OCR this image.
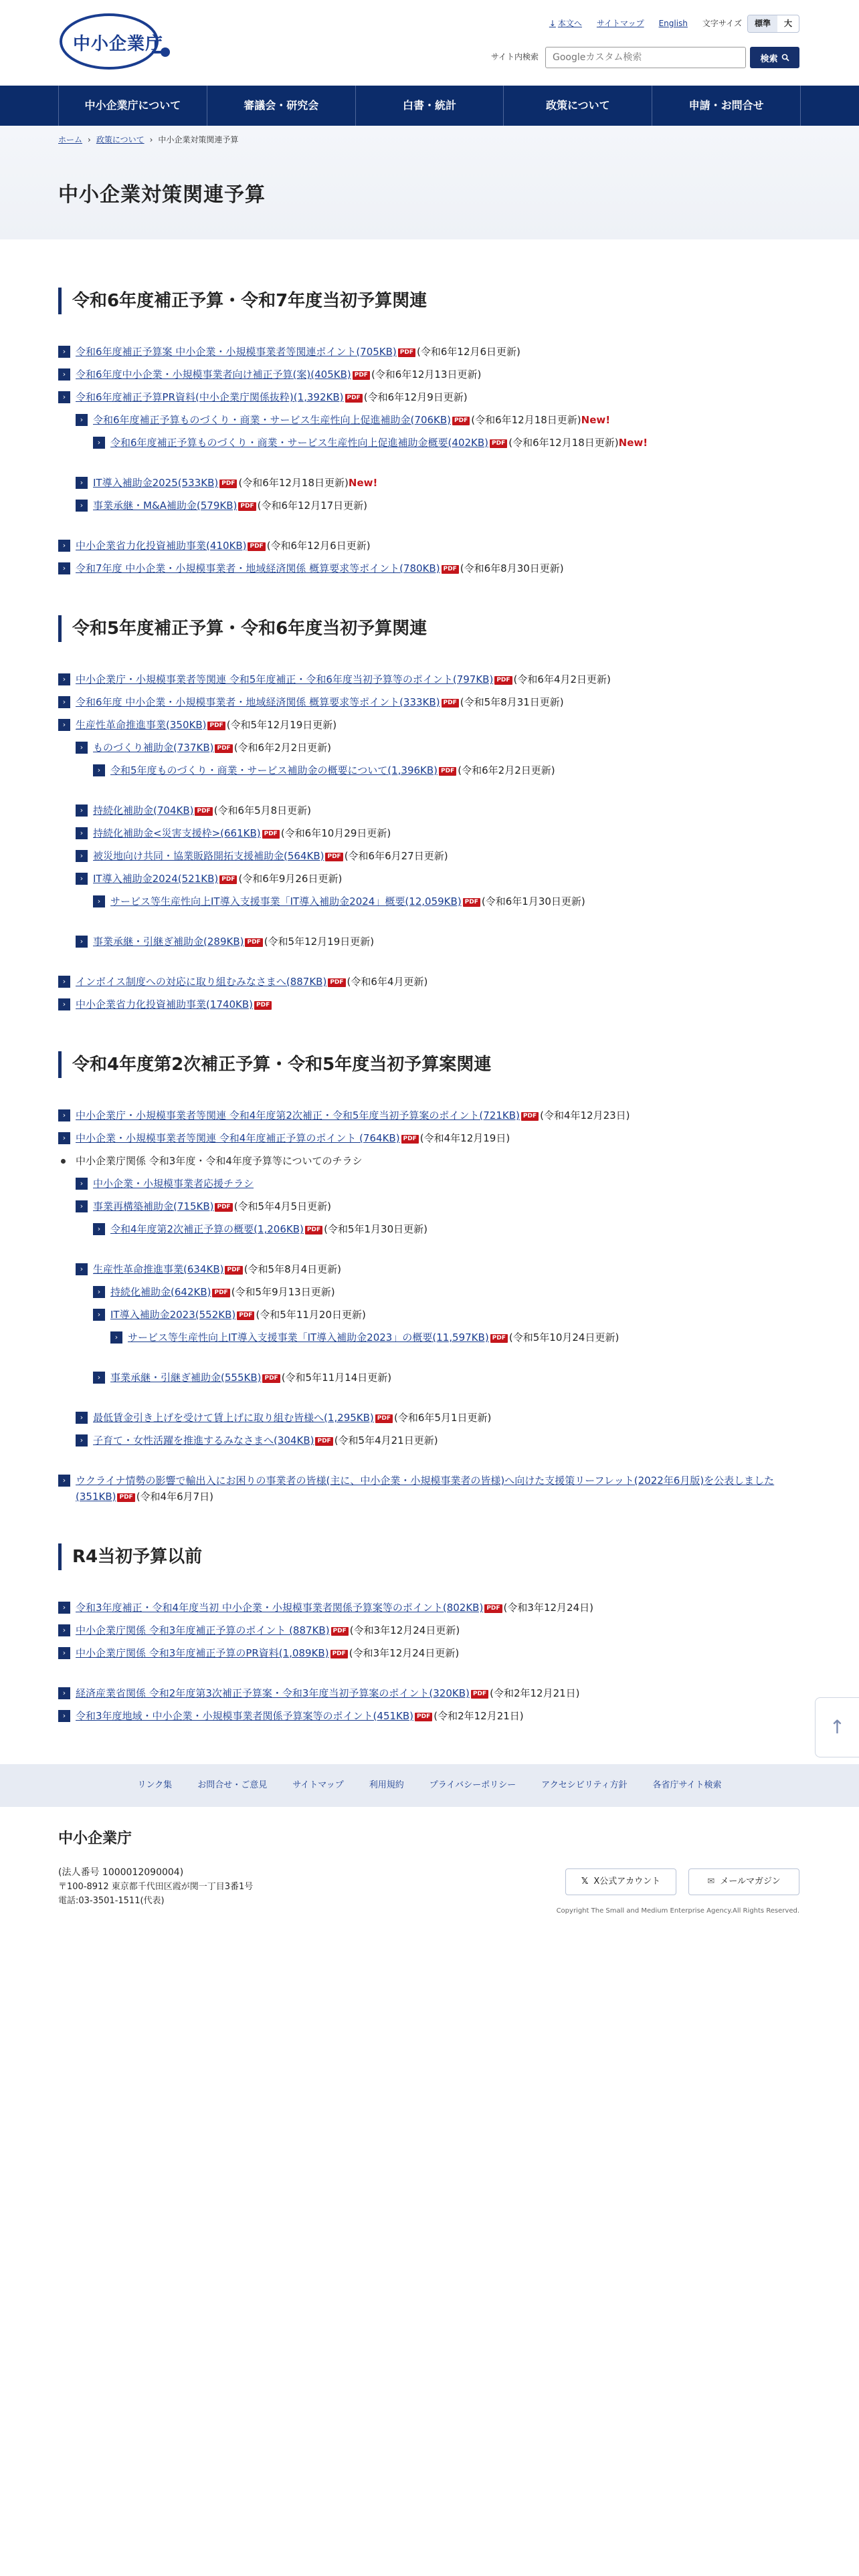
中小企業庁
↓ 本文へ サイトマップ English 文字サイズ	標準	大
サイト内検索
Googleカスタム検索	検索
中小企業庁について	審議会・研究会	白書・統計	政策について	申請・お問合せ
ホーム › 政策について › 中小企業対策関連予算
中小企業対策関連予算
令和6年度補正予算・令和7年度当初予算関連
› 令和6年度補正予算案 中小企業・小規模事業者等関連ポイント(705KB) PDF (令和6年12月6日更新)
› 令和6年度中小企業・小規模事業者向け補正予算(案)(405KB) PDF (令和6年12月13日更新)
› 令和6年度補正予算PR資料(中小企業庁関係抜粋)(1,392KB) PDF (令和6年12月9日更新)
› 令和6年度補正予算ものづくり・商業・サービス生産性向上促進補助金(706KB) PDF (令和6年12月18日更新)New!
› 令和6年度補正予算ものづくり・商業・サービス生産性向上促進補助金概要(402KB) PDF (令和6年12月18日更新)New!
› IT導入補助金2025(533KB) PDF (令和6年12月18日更新)New!
› 事業承継・M&A補助金(579KB) PDF (令和6年12月17日更新)
› 中小企業省力化投資補助事業(410KB) PDF (令和6年12月6日更新)
› 令和7年度 中小企業・小規模事業者・地域経済関係 概算要求等ポイント(780KB) PDF (令和6年8月30日更新)
令和5年度補正予算・令和6年度当初予算関連
› 中小企業庁・小規模事業者等関連 令和5年度補正・令和6年度当初予算等のポイント(797KB) PDF (令和6年4月2日更新)
› 令和6年度 中小企業・小規模事業者・地域経済関係 概算要求等ポイント(333KB) PDF (令和5年8月31日更新)
› 生産性革命推進事業(350KB) PDF (令和5年12月19日更新)
› ものづくり補助金(737KB) PDF (令和6年2月2日更新)
› 令和5年度ものづくり・商業・サービス補助金の概要について(1,396KB) PDF (令和6年2月2日更新)
› 持続化補助金(704KB) PDF (令和6年5月8日更新)
› 持続化補助金<災害支援枠>(661KB) PDF (令和6年10月29日更新)
› 被災地向け共同・協業販路開拓支援補助金(564KB) PDF (令和6年6月27日更新)
› IT導入補助金2024(521KB) PDF (令和6年9月26日更新)
› サービス等生産性向上IT導入支援事業「IT導入補助金2024」概要(12,059KB) PDF (令和6年1月30日更新)
› 事業承継・引継ぎ補助金(289KB) PDF (令和5年12月19日更新)
› インボイス制度への対応に取り組むみなさまへ(887KB) PDF (令和6年4月更新)
› 中小企業省力化投資補助事業(1740KB) PDF
令和4年度第2次補正予算・令和5年度当初予算案関連
› 中小企業庁・小規模事業者等関連 令和4年度第2次補正・令和5年度当初予算案のポイント(721KB) PDF (令和4年12月23日)
› 中小企業・小規模事業者等関連 令和4年度補正予算のポイント (764KB) PDF (令和4年12月19日)
中小企業庁関係 令和3年度・令和4年度予算等についてのチラシ
› 中小企業・小規模事業者応援チラシ
› 事業再構築補助金(715KB) PDF (令和5年4月5日更新)
› 令和4年度第2次補正予算の概要(1,206KB) PDF (令和5年1月30日更新)
› 生産性革命推進事業(634KB) PDF (令和5年8月4日更新)
› 持続化補助金(642KB) PDF (令和5年9月13日更新)
› IT導入補助金2023(552KB) PDF (令和5年11月20日更新)
› サービス等生産性向上IT導入支援事業「IT導入補助金2023」の概要(11,597KB) PDF (令和5年10月24日更新)
› 事業承継・引継ぎ補助金(555KB) PDF (令和5年11月14日更新)
› 最低賃金引き上げを受けて賃上げに取り組む皆様へ(1,295KB) PDF (令和6年5月1日更新)
› 子育て・女性活躍を推進するみなさまへ(304KB) PDF (令和5年4月21日更新)
› ウクライナ情勢の影響で輸出入にお困りの事業者の皆様(主に、中小企業・小規模事業者の皆様)へ向けた支援策リーフレット(2022年6月版)を公表しました(351KB) PDF (令和4年6月7日)
R4当初予算以前
› 令和3年度補正・令和4年度当初 中小企業・小規模事業者関係予算案等のポイント(802KB) PDF (令和3年12月24日)
› 中小企業庁関係 令和3年度補正予算のポイント (887KB) PDF (令和3年12月24日更新)
› 中小企業庁関係 令和3年度補正予算のPR資料(1,089KB) PDF (令和3年12月24日更新)
› 経済産業省関係 令和2年度第3次補正予算案・令和3年度当初予算案のポイント(320KB) PDF (令和2年12月21日)
› 令和3年度地域・中小企業・小規模事業者関係予算案等のポイント(451KB) PDF (令和2年12月21日)	↑
リンク集	お問合せ・ご意見	サイトマップ	利用規約	プライバシーポリシー	アクセシビリティ方針	各省庁サイト検索
中小企業庁
(法人番号 1000012090004)
〒100-8912 東京都千代田区霞が関一丁目3番1号
電話:03-3501-1511(代表)
𝕏 X公式アカウント	✉ メールマガジン
Copyright The Small and Medium Enterprise Agency.All Rights Reserved.
